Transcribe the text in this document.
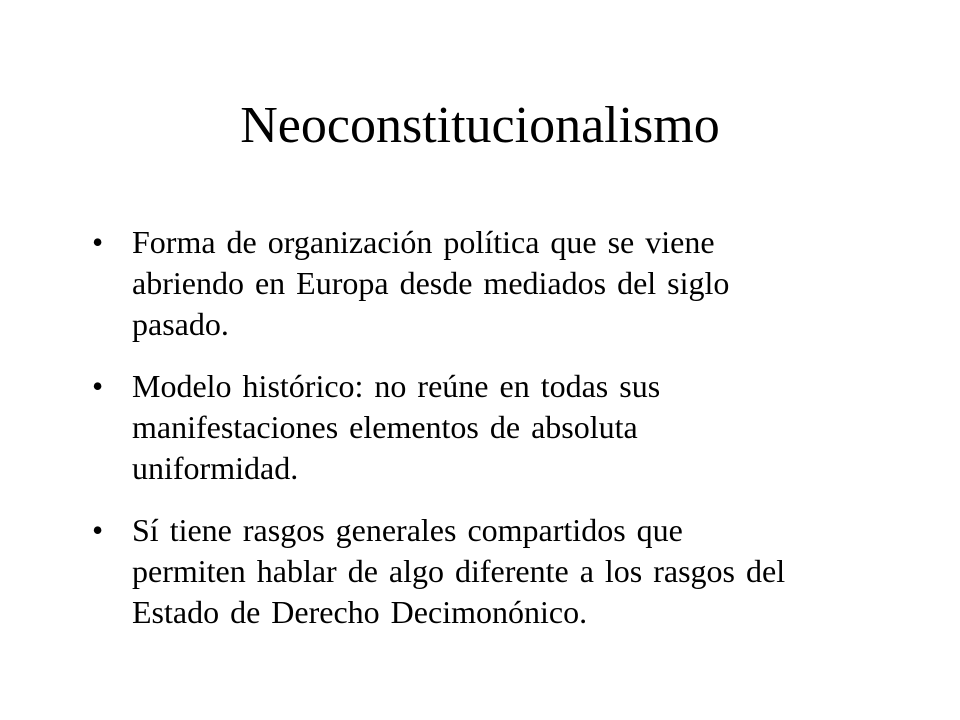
Neoconstitucionalismo
• Forma de organización política que se viene
abriendo en Europa desde mediados del siglo
pasado.
• Modelo histórico: no reúne en todas sus
manifestaciones elementos de absoluta
uniformidad.
• Sí tiene rasgos generales compartidos que
permiten hablar de algo diferente a los rasgos del
Estado de Derecho Decimonónico.
